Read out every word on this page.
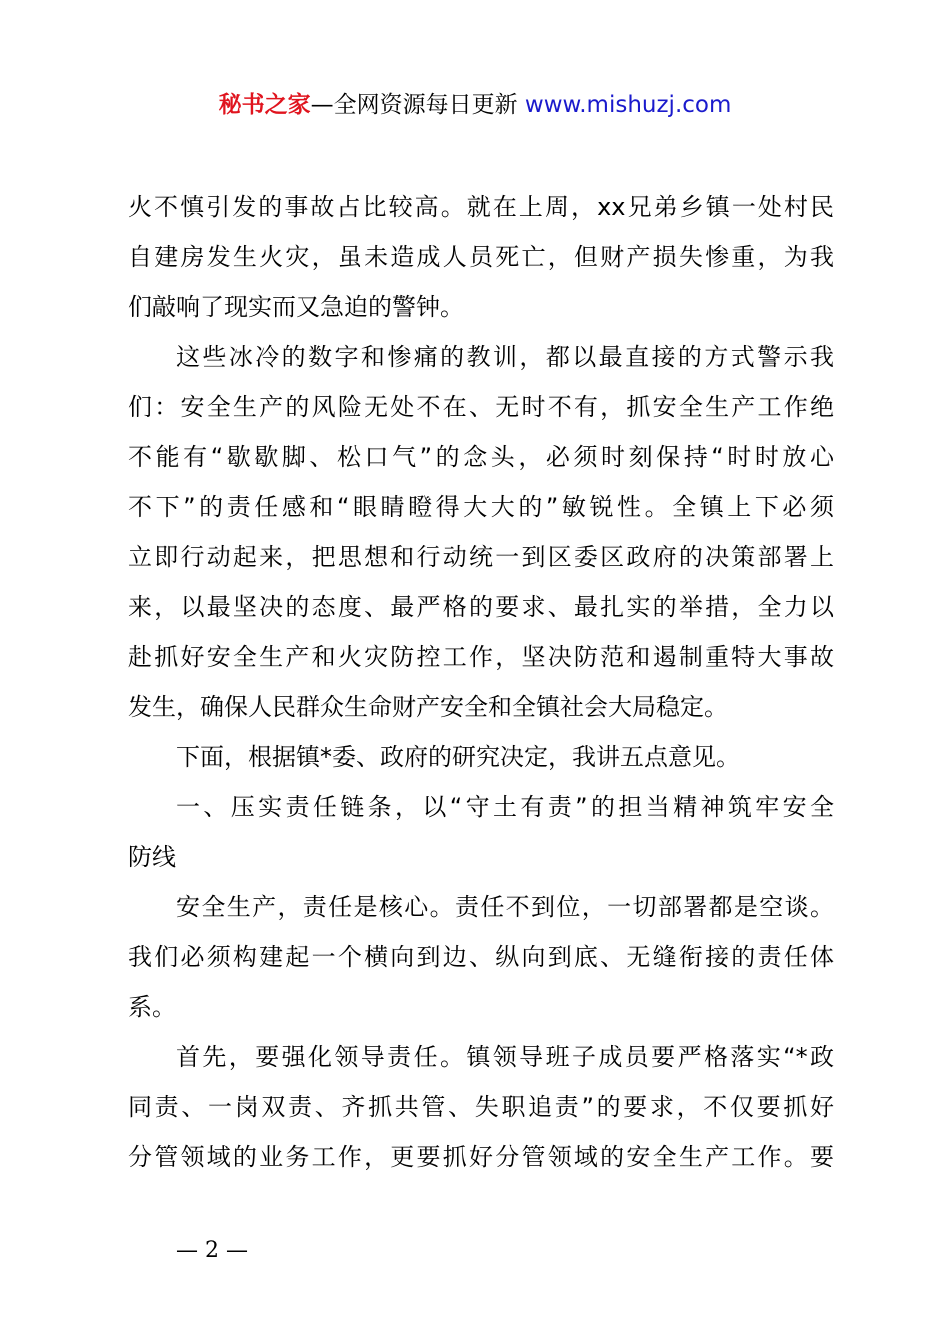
秘书之家—全网资源每日更新 www.mishuzj.com
火不慎引发的事故占比较高。就在上周，xx兄弟乡镇一处村民
自建房发生火灾，虽未造成人员死亡，但财产损失惨重，为我
们敲响了现实而又急迫的警钟。
这些冰冷的数字和惨痛的教训，都以最直接的方式警示我
们：安全生产的风险无处不在、无时不有，抓安全生产工作绝
不能有“歇歇脚、松口气”的念头，必须时刻保持“时时放心
不下”的责任感和“眼睛瞪得大大的”敏锐性。全镇上下必须
立即行动起来，把思想和行动统一到区委区政府的决策部署上
来，以最坚决的态度、最严格的要求、最扎实的举措，全力以
赴抓好安全生产和火灾防控工作，坚决防范和遏制重特大事故
发生，确保人民群众生命财产安全和全镇社会大局稳定。
下面，根据镇*委、政府的研究决定，我讲五点意见。
一、压实责任链条，以“守土有责”的担当精神筑牢安全
防线
安全生产，责任是核心。责任不到位，一切部署都是空谈。
我们必须构建起一个横向到边、纵向到底、无缝衔接的责任体
系。
首先，要强化领导责任。镇领导班子成员要严格落实“*政
同责、一岗双责、齐抓共管、失职追责”的要求，不仅要抓好
分管领域的业务工作，更要抓好分管领域的安全生产工作。要
— 2 —
